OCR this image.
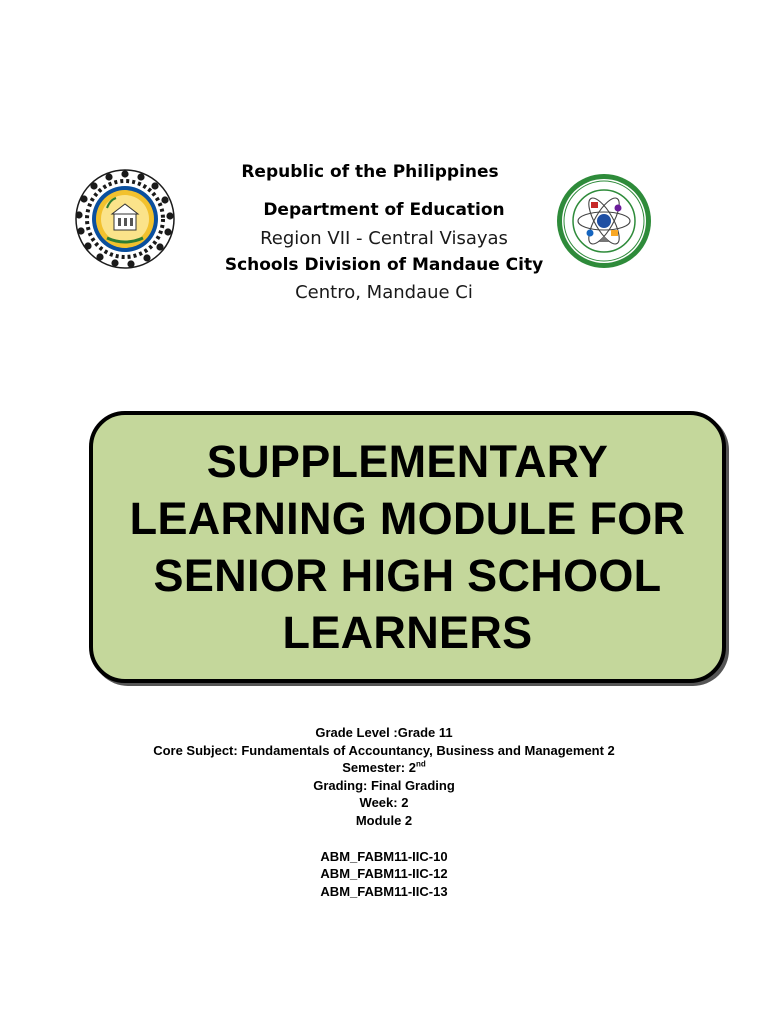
Republic of the Philippines
Department of Education
Region VII - Central Visayas
Schools Division of Mandaue City
Centro, Mandaue Ci
SUPPLEMENTARY
LEARNING MODULE FOR
SENIOR HIGH SCHOOL
LEARNERS
Grade Level :Grade 11
Core Subject: Fundamentals of Accountancy, Business and Management 2
Semester: 2nd
Grading: Final Grading
Week: 2
Module 2
ABM_FABM11-IIC-10
ABM_FABM11-IIC-12
ABM_FABM11-IIC-13
